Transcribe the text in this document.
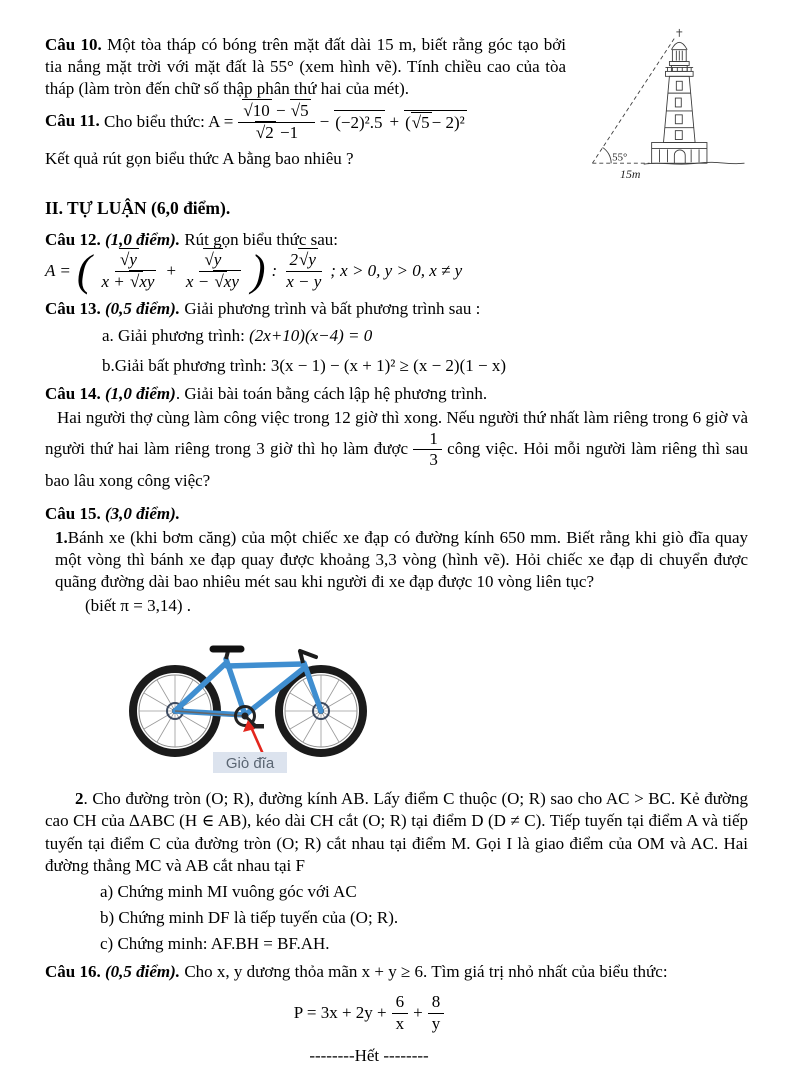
55°
15m

Câu 10. Một tòa tháp có bóng trên mặt đất dài 15 m, biết rằng góc tạo bởi tia nắng mặt trời với mặt đất là 55° (xem hình vẽ). Tính chiều cao của tòa tháp (làm tròn đến chữ số thập phân thứ hai của mét).

Câu 11. Cho biểu thức: $A = \frac{√10 - √5}{√2 -1} - (-2)^2.5 + (√5 - 2)^2$

Kết quả rút gọn biểu thức A bằng bao nhiêu ?

II. TỰ LUẬN (6,0 điểm).

Câu 12. (1,0 điểm). Rút gọn biểu thức sau:
A = ( $\frac{√y}{x + √xy} + \frac{√y}{x - √xy}$ ) : $\frac{2√y}{x - y}$ ; x > 0, y > 0, x ≠ y

Câu 13. (0,5 điểm). Giải phương trình và bất phương trình sau :

a. Giải phương trình: (2x+10)(x−4) = 0

b.Giải bất phương trình: 3(x − 1) − (x + 1)² ≥ (x − 2)(1 − x)

Câu 14. (1,0 điểm). Giải bài toán bằng cách lập hệ phương trình.

Hai người thợ cùng làm công việc trong 12 giờ thì xong. Nếu người thứ nhất làm riêng trong 6 giờ và người thứ hai làm riêng trong 3 giờ thì họ làm được $\frac{1}{3}$ công việc. Hỏi mỗi người làm riêng thì sau bao lâu xong công việc?

Câu 15. (3,0 điểm).

1.Bánh xe (khi bơm căng) của một chiếc xe đạp có đường kính 650 mm. Biết rằng khi giò đĩa quay một vòng thì bánh xe đạp quay được khoảng 3,3 vòng (hình vẽ). Hỏi chiếc xe đạp di chuyển được quãng đường dài bao nhiêu mét sau khi người đi xe đạp được 10 vòng liên tục?

(biết π = 3,14) .

Giò đĩa

2. Cho đường tròn (O; R), đường kính AB. Lấy điểm C thuộc (O; R) sao cho AC > BC. Kẻ đường cao CH của ∆ABC (H ∈ AB), kéo dài CH cắt (O; R) tại điểm D (D ≠ C). Tiếp tuyến tại điểm A và tiếp tuyến tại điểm C của đường tròn (O; R) cắt nhau tại điểm M. Gọi I là giao điểm của OM và AC. Hai đường thẳng MC và AB cắt nhau tại F

a) Chứng minh MI vuông góc với AC

b) Chứng minh DF là tiếp tuyến của (O; R).

c) Chứng minh: AF.BH = BF.AH.

Câu 16. (0,5 điểm). Cho x, y dương thỏa mãn x + y ≥ 6. Tìm giá trị nhỏ nhất của biểu thức:

$P = 3x + 2y + \frac{6}{x} + \frac{8}{y}$

--------Hết --------
